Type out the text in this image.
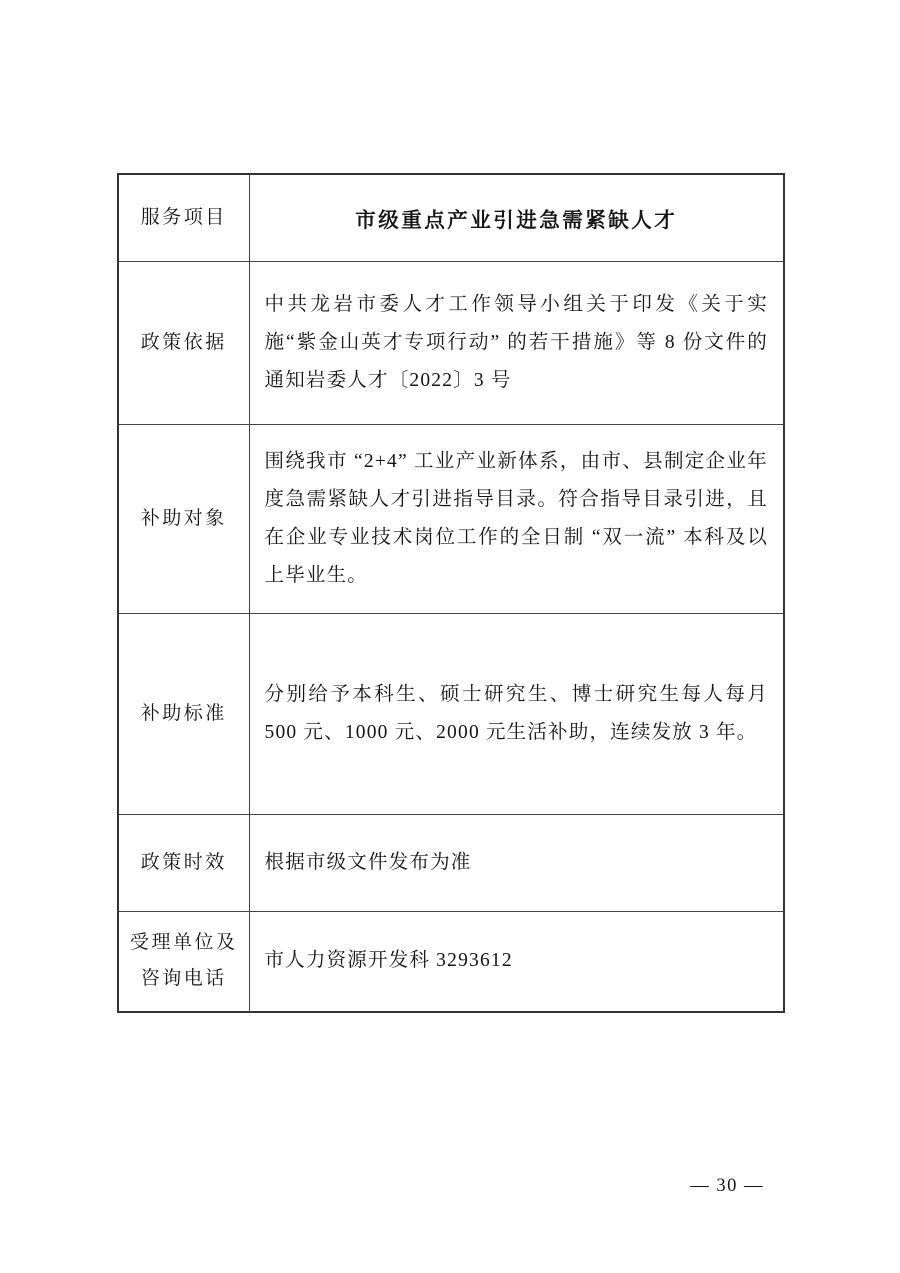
服务项目	市级重点产业引进急需紧缺人才
政策依据	中共龙岩市委人才工作领导小组关于印发《关于实施“紫金山英才专项行动” 的若干措施》等 8 份文件的通知岩委人才〔2022〕3 号
补助对象	围绕我市 “2+4” 工业产业新体系，由市、县制定企业年度急需紧缺人才引进指导目录。符合指导目录引进，且在企业专业技术岗位工作的全日制 “双一流” 本科及以上毕业生。
补助标准	分别给予本科生、硕士研究生、博士研究生每人每月 500 元、1000 元、2000 元生活补助，连续发放 3 年。
政策时效	根据市级文件发布为准
受理单位及咨询电话	市人力资源开发科 3293612
— 30 —
